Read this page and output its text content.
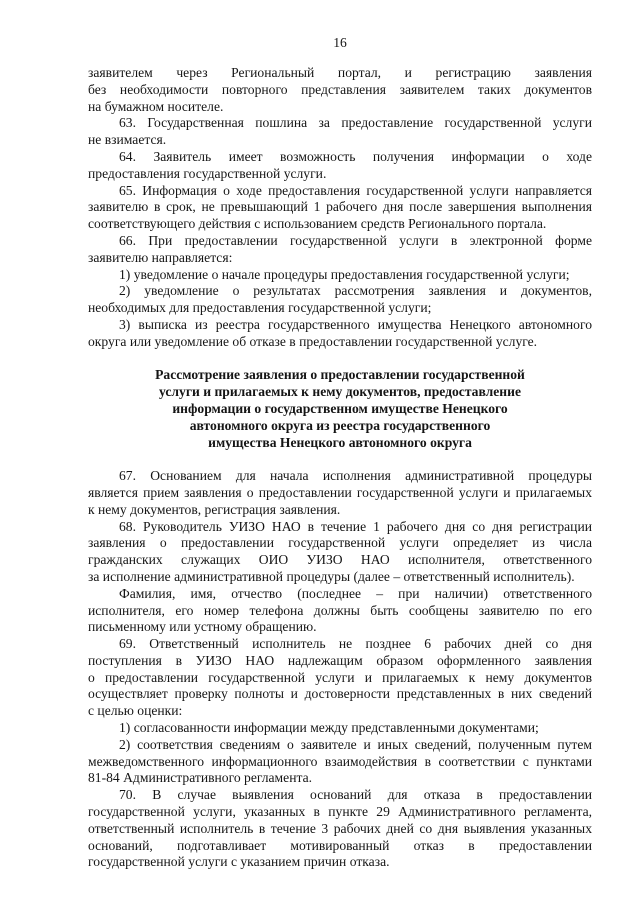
16
заявителем через Региональный портал, и регистрацию заявления
без необходимости повторного представления заявителем таких документов
на бумажном носителе.
63. Государственная пошлина за предоставление государственной услуги
не взимается.
64. Заявитель имеет возможность получения информации о ходе
предоставления государственной услуги.
65. Информация о ходе предоставления государственной услуги направляется
заявителю в срок, не превышающий 1 рабочего дня после завершения выполнения
соответствующего действия с использованием средств Регионального портала.
66. При предоставлении государственной услуги в электронной форме
заявителю направляется:
1) уведомление о начале процедуры предоставления государственной услуги;
2) уведомление о результатах рассмотрения заявления и документов,
необходимых для предоставления государственной услуги;
3) выписка из реестра государственного имущества Ненецкого автономного
округа или уведомление об отказе в предоставлении государственной услуге.
Рассмотрение заявления о предоставлении государственной
услуги и прилагаемых к нему документов, предоставление
информации о государственном имуществе Ненецкого
автономного округа из реестра государственного
имущества Ненецкого автономного округа
67. Основанием для начала исполнения административной процедуры
является прием заявления о предоставлении государственной услуги и прилагаемых
к нему документов, регистрация заявления.
68. Руководитель УИЗО НАО в течение 1 рабочего дня со дня регистрации
заявления о предоставлении государственной услуги определяет из числа
гражданских служащих ОИО УИЗО НАО исполнителя, ответственного
за исполнение административной процедуры (далее – ответственный исполнитель).
Фамилия, имя, отчество (последнее – при наличии) ответственного
исполнителя, его номер телефона должны быть сообщены заявителю по его
письменному или устному обращению.
69. Ответственный исполнитель не позднее 6 рабочих дней со дня
поступления в УИЗО НАО надлежащим образом оформленного заявления
о предоставлении государственной услуги и прилагаемых к нему документов
осуществляет проверку полноты и достоверности представленных в них сведений
с целью оценки:
1) согласованности информации между представленными документами;
2) соответствия сведениям о заявителе и иных сведений, полученным путем
межведомственного информационного взаимодействия в соответствии с пунктами
81-84 Административного регламента.
70. В случае выявления оснований для отказа в предоставлении
государственной услуги, указанных в пункте 29 Административного регламента,
ответственный исполнитель в течение 3 рабочих дней со дня выявления указанных
оснований, подготавливает мотивированный отказ в предоставлении
государственной услуги с указанием причин отказа.
